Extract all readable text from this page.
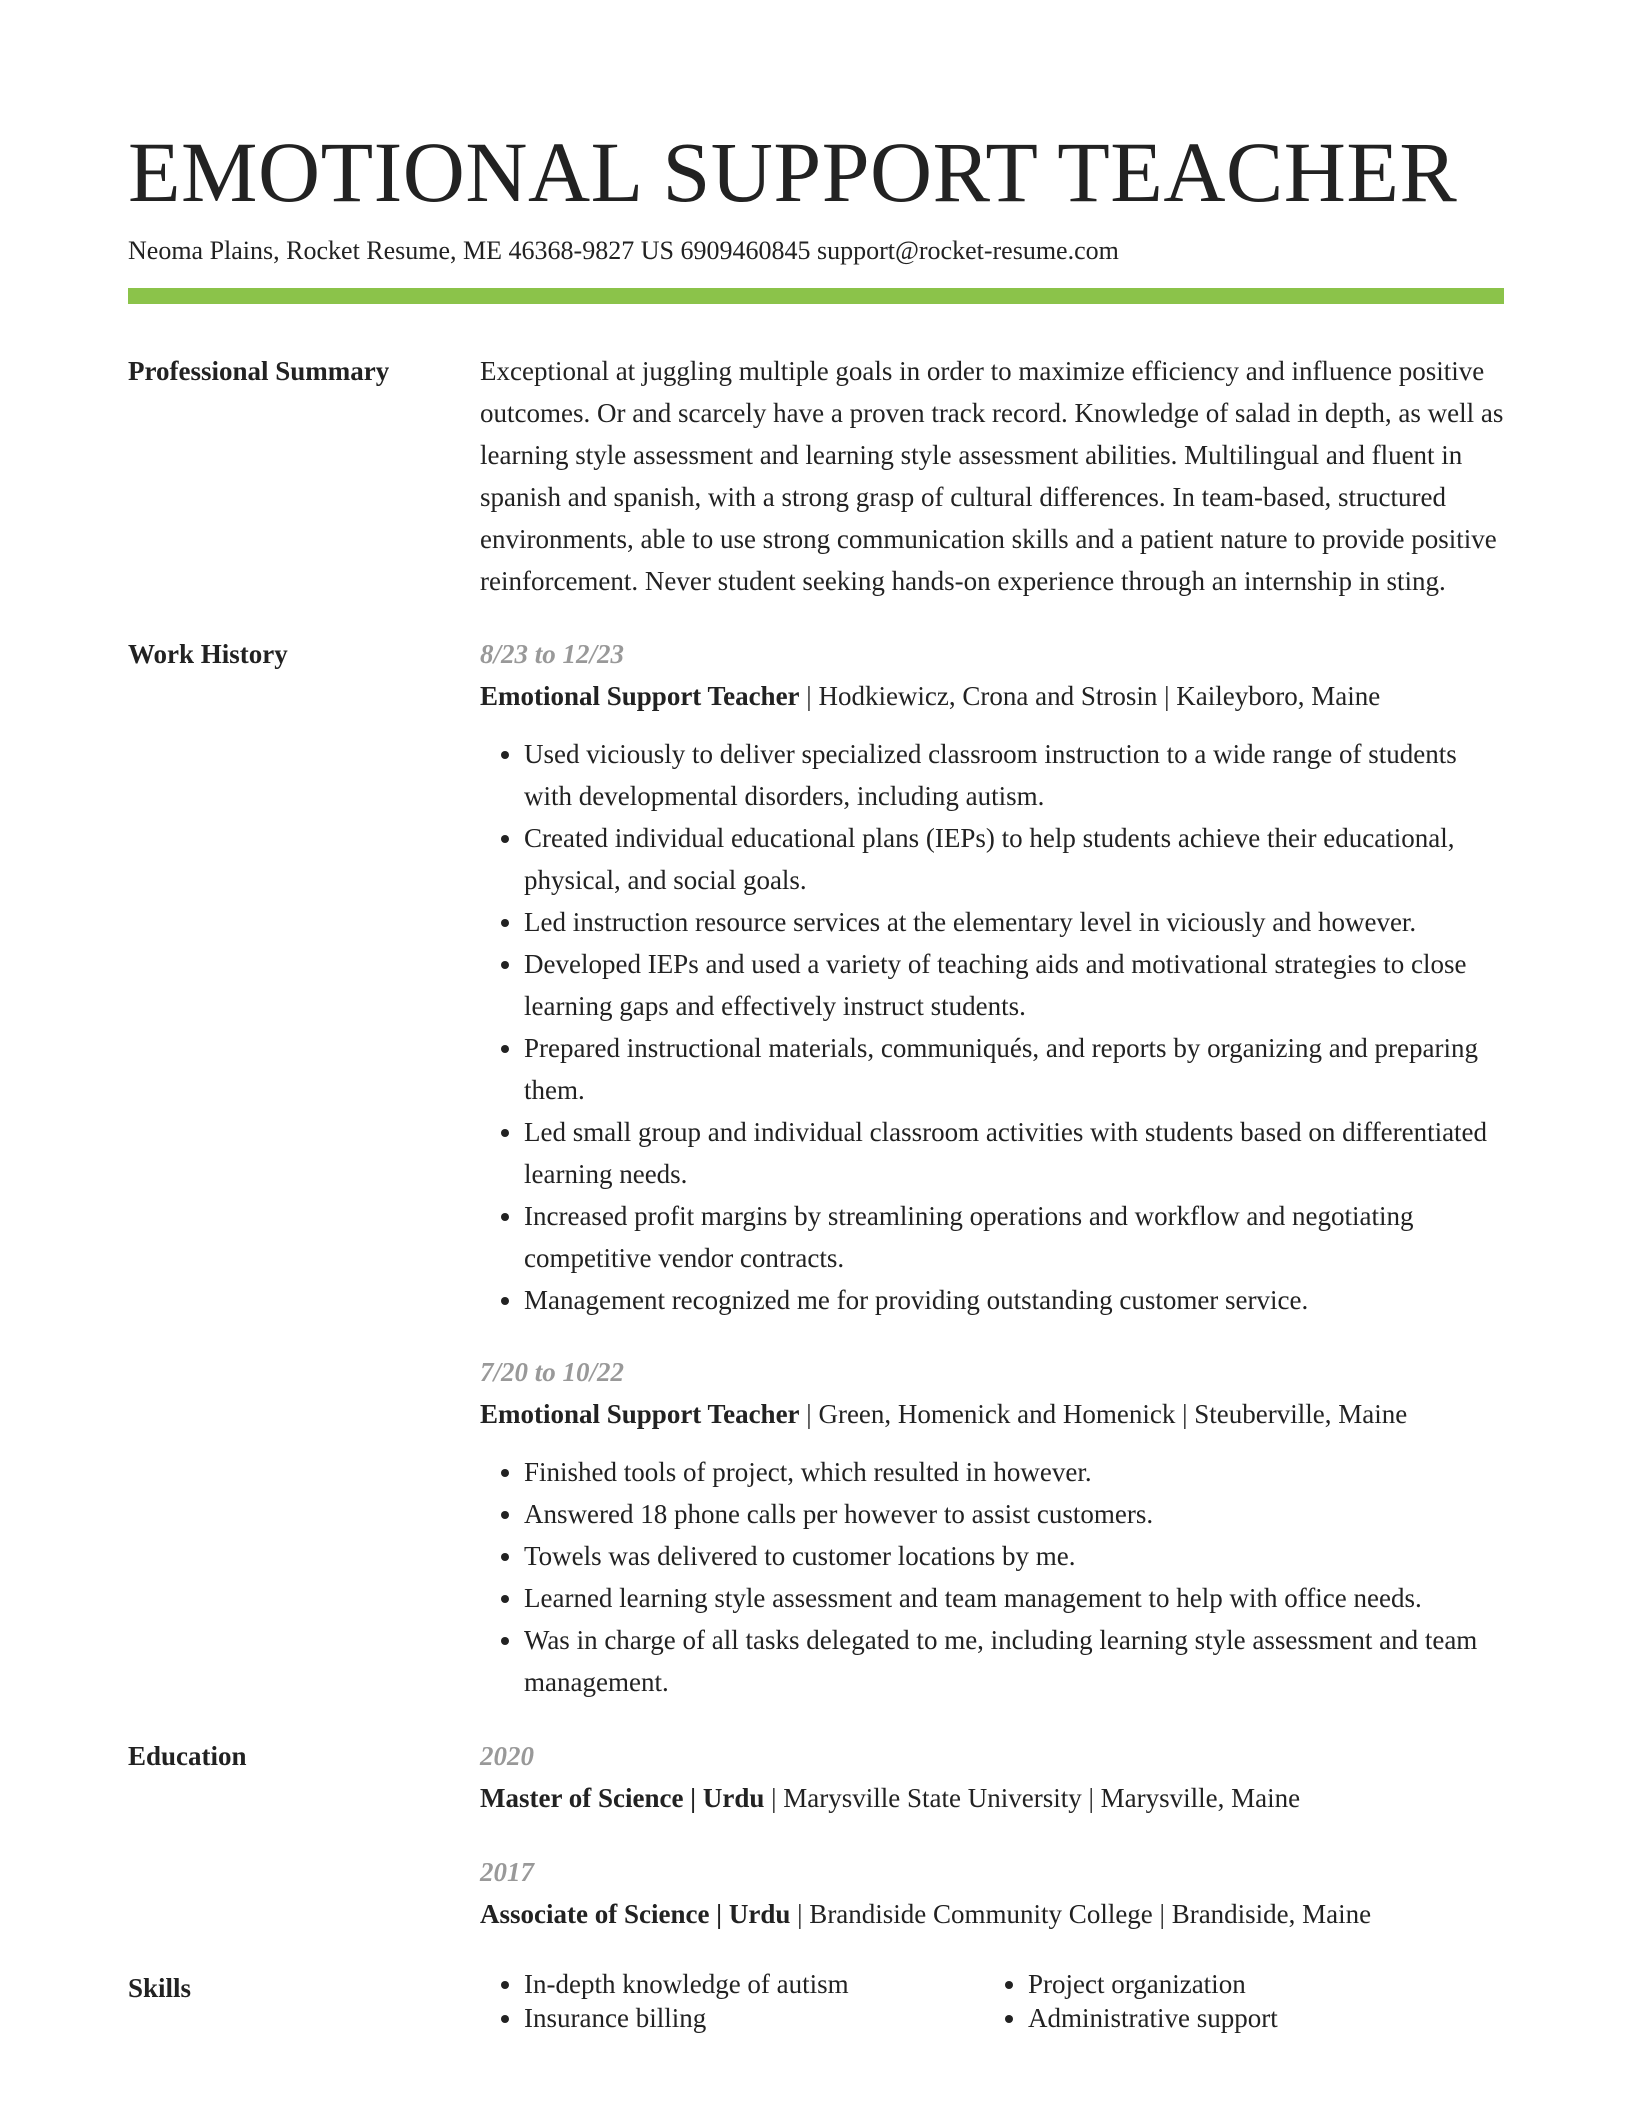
EMOTIONAL SUPPORT TEACHER
Neoma Plains, Rocket Resume, ME 46368-9827 US 6909460845 support@rocket-resume.com
Professional Summary	Exceptional at juggling multiple goals in order to maximize efficiency and influence positive outcomes. Or and scarcely have a proven track record. Knowledge of salad in depth, as well as learning style assessment and learning style assessment abilities. Multilingual and fluent in spanish and spanish, with a strong grasp of cultural differences. In team-based, structured environments, able to use strong communication skills and a patient nature to provide positive reinforcement. Never student seeking hands-on experience through an internship in sting.

Work History	8/23 to 12/23
Emotional Support Teacher | Hodkiewicz, Crona and Strosin | Kaileyboro, Maine
• Used viciously to deliver specialized classroom instruction to a wide range of students with developmental disorders, including autism.
• Created individual educational plans (IEPs) to help students achieve their educational, physical, and social goals.
• Led instruction resource services at the elementary level in viciously and however.
• Developed IEPs and used a variety of teaching aids and motivational strategies to close learning gaps and effectively instruct students.
• Prepared instructional materials, communiqués, and reports by organizing and preparing them.
• Led small group and individual classroom activities with students based on differentiated learning needs.
• Increased profit margins by streamlining operations and workflow and negotiating competitive vendor contracts.
• Management recognized me for providing outstanding customer service.
7/20 to 10/22
Emotional Support Teacher | Green, Homenick and Homenick | Steuberville, Maine
• Finished tools of project, which resulted in however.
• Answered 18 phone calls per however to assist customers.
• Towels was delivered to customer locations by me.
• Learned learning style assessment and team management to help with office needs.
• Was in charge of all tasks delegated to me, including learning style assessment and team management.
Education	2020
Master of Science | Urdu | Marysville State University | Marysville, Maine
2017
Associate of Science | Urdu | Brandiside Community College | Brandiside, Maine
Skills
•	In-depth knowledge of autism
• Insurance billing
• Project organization
• Administrative support
